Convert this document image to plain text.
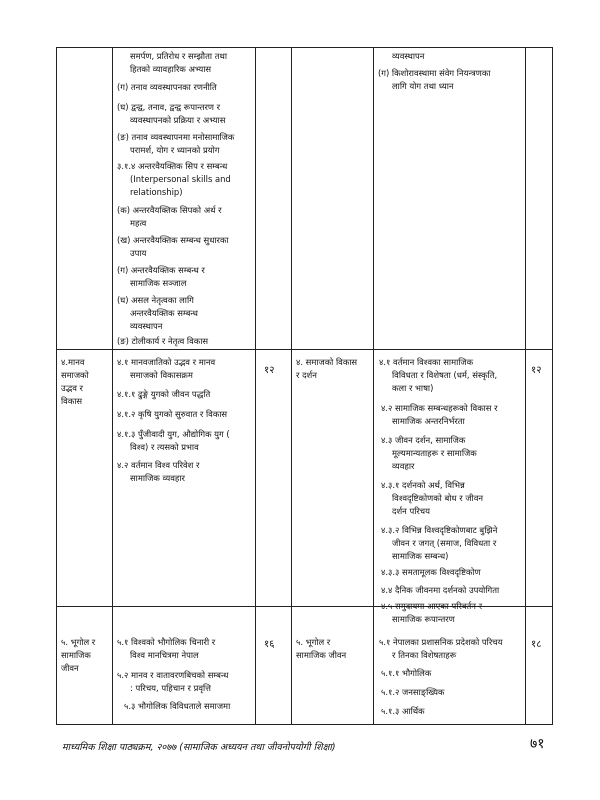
समर्पण, प्रतिरोध र सम्झौता तथा
हितको व्यावहारिक अभ्यास
(ग) तनाव व्यवस्थापनका रणनीति
(घ) द्वन्द्व, तनाव, द्वन्द्व रूपान्तरण र
व्यवस्थापनको प्रक्रिया र अभ्यास
(ङ) तनाव व्यवस्थापनमा मनोसामाजिक
परामर्श, योग र ध्यानको प्रयोग
३.१.४ अन्तरवैयक्तिक सिप र सम्बन्ध
(Interpersonal skills and
relationship)
(क) अन्तरवैयक्तिक सिपको अर्थ र
महत्व
(ख) अन्तरवैयक्तिक सम्बन्ध सुधारका
उपाय
(ग) अन्तरवैयक्तिक सम्बन्ध र
सामाजिक सञ्जाल
(घ) असल नेतृत्वका लागि
अन्तरवैयक्तिक सम्बन्ध
व्यवस्थापन
(ङ) टोलीकार्य र नेतृत्व विकास
व्यवस्थापन
(ग) किशोरावस्थामा संवेग नियन्त्रणका
लागि योग तथा ध्यान
४.मानव
समाजको
उद्भव र
विकास
४.१ मानवजातिको उद्भव र मानव
समाजको विकासक्रम
४.१.१ ढुङ्गे युगको जीवन पद्धति
४.१.२ कृषि युगको सुरुवात र विकास
४.१.३ पुँजीवादी युग, औद्योगिक युग (
विश्व) र त्यसको प्रभाव
४.२ वर्तमान विश्व परिवेश र
सामाजिक व्यवहार
१२
४. समाजको विकास
र दर्शन
४.१ वर्तमान विश्वका सामाजिक
विविधता र विशेषता (धर्म, संस्कृति,
कला र भाषा)
४.२ सामाजिक सम्बन्धहरूको विकास र
सामाजिक अन्तरनिर्भरता
४.३ जीवन दर्शन, सामाजिक
मूल्यमान्यताहरू र सामाजिक
व्यवहार
४.३.१ दर्शनको अर्थ, विभिन्न
विश्वदृष्टिकोणको बोध र जीवन
दर्शन परिचय
४.३.२ विभिन्न विश्वदृष्टिकोणबाट बुझिने
जीवन र जगत् (समाज, विविधता र
सामाजिक सम्बन्ध)
४.३.३ समतामूलक विश्वदृष्टिकोण
४.४ दैनिक जीवनमा दर्शनको उपयोगिता
४.५ समुदायमा आएका परिवर्तन र
सामाजिक रूपान्तरण
१२
५. भूगोल र
सामाजिक
जीवन
५.१ विश्वको भौगोलिक चिनारी र
विश्व मानचित्रमा नेपाल
५.२ मानव र वातावरणबिचको सम्बन्ध
: परिचय, पहिचान र प्रवृत्ति
५.३ भौगोलिक विविधताले समाजमा
१६	५. भूगोल र
सामाजिक जीवन
५.१ नेपालका प्रशासनिक प्रदेशको परिचय
र तिनका विशेषताहरू
५.१.१ भौगोलिक
५.१.२ जनसाङ्ख्यिक
५.१.३ आर्थिक
१८
माध्यमिक शिक्षा पाठ्यक्रम, २०७७ (सामाजिक अध्ययन तथा जीवनोपयोगी शिक्षा)	७१
